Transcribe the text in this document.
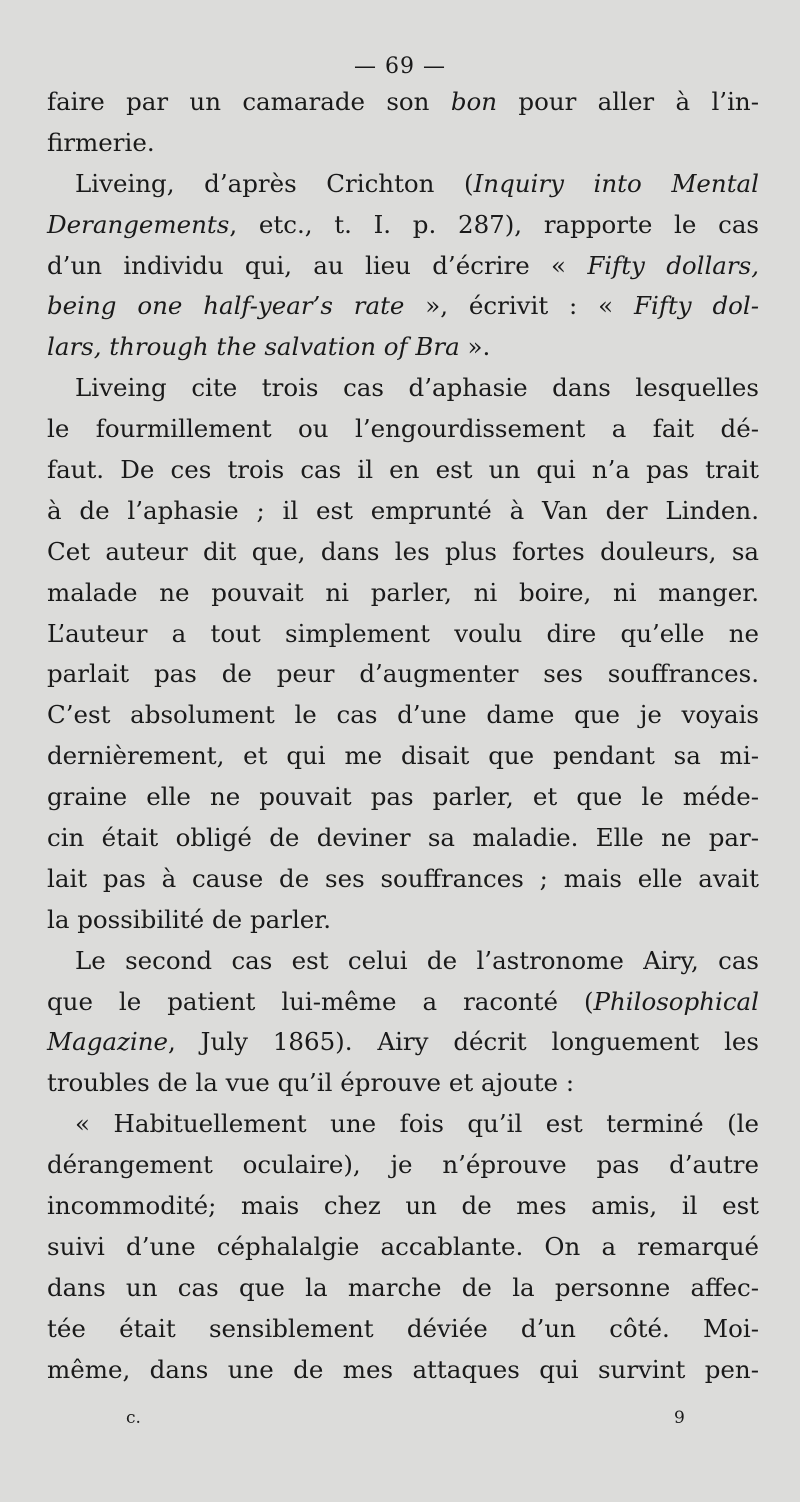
— 69 —
faire par un camarade son bon pour aller à l’in-
firmerie.
Liveing, d’après Crichton (Inquiry into Mental
Derangements, etc., t. I. p. 287), rapporte le cas
d’un individu qui, au lieu d’écrire « Fifty dollars,
being one half-year’s rate », écrivit : « Fifty dol-
lars, through the salvation of Bra ».
Liveing cite trois cas d’aphasie dans lesquelles
le fourmillement ou l’engourdissement a fait dé-
faut. De ces trois cas il en est un qui n’a pas trait
à de l’aphasie ; il est emprunté à Van der Linden.
Cet auteur dit que, dans les plus fortes douleurs, sa
malade ne pouvait ni parler, ni boire, ni manger.
L’auteur a tout simplement voulu dire qu’elle ne
parlait pas de peur d’augmenter ses souffrances.
C’est absolument le cas d’une dame que je voyais
dernièrement, et qui me disait que pendant sa mi-
graine elle ne pouvait pas parler, et que le méde-
cin était obligé de deviner sa maladie. Elle ne par-
lait pas à cause de ses souffrances ; mais elle avait
la possibilité de parler.
Le second cas est celui de l’astronome Airy, cas
que le patient lui-même a raconté (Philosophical
Magazine, July 1865). Airy décrit longuement les
troubles de la vue qu’il éprouve et ajoute :
« Habituellement une fois qu’il est terminé (le
dérangement oculaire), je n’éprouve pas d’autre
incommodité; mais chez un de mes amis, il est
suivi d’une céphalalgie accablante. On a remarqué
dans un cas que la marche de la personne affec-
tée était sensiblement déviée d’un côté. Moi-
même, dans une de mes attaques qui survint pen-
c.	9
